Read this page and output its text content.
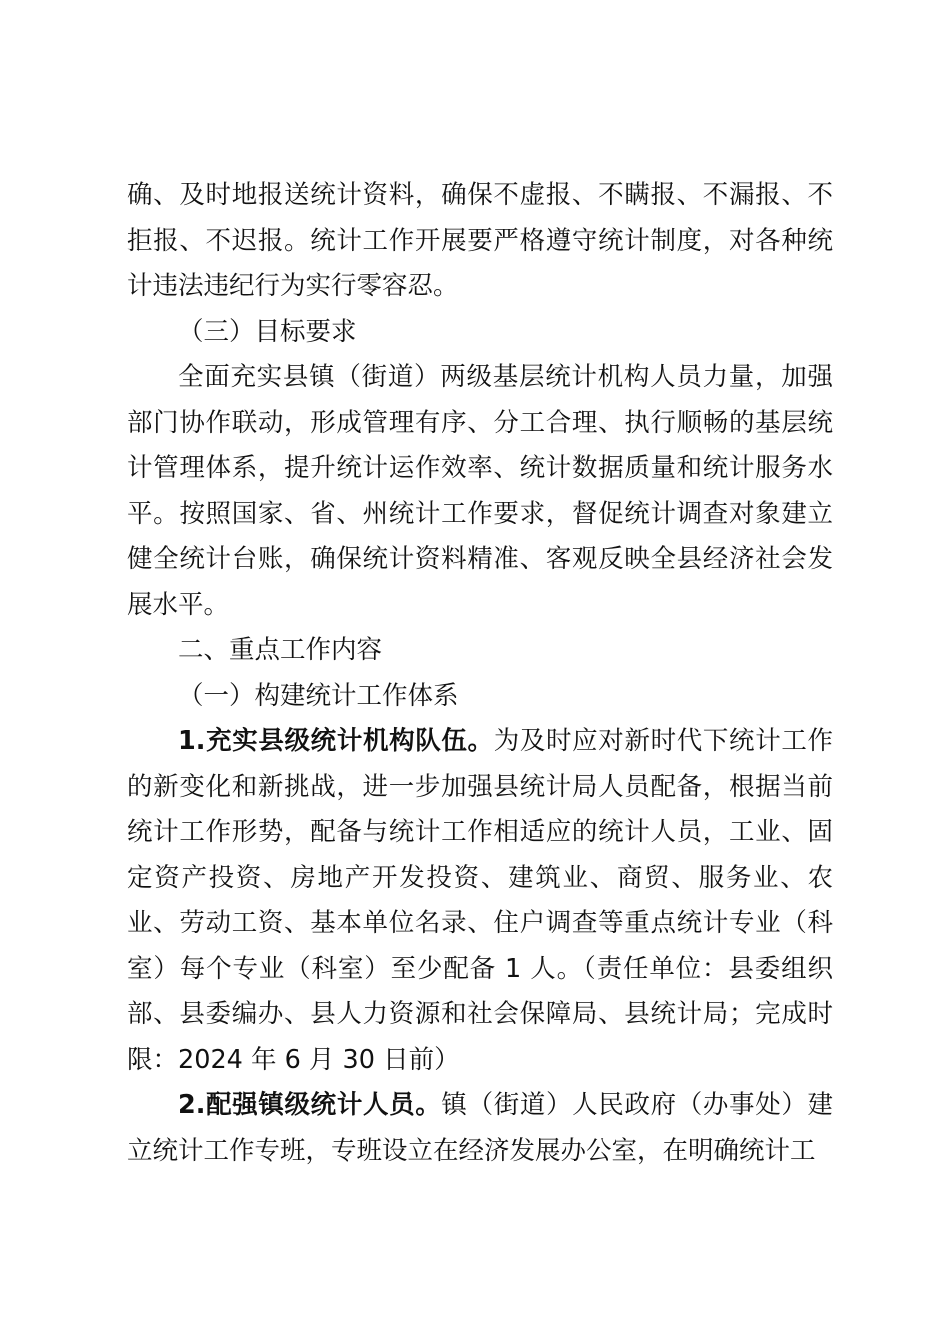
确、及时地报送统计资料，确保不虚报、不瞒报、不漏报、不拒报、不迟报。统计工作开展要严格遵守统计制度，对各种统计违法违纪行为实行零容忍。

（三）目标要求

全面充实县镇（街道）两级基层统计机构人员力量，加强部门协作联动，形成管理有序、分工合理、执行顺畅的基层统计管理体系，提升统计运作效率、统计数据质量和统计服务水平。按照国家、省、州统计工作要求，督促统计调查对象建立健全统计台账，确保统计资料精准、客观反映全县经济社会发展水平。

二、重点工作内容

（一）构建统计工作体系

1.充实县级统计机构队伍。为及时应对新时代下统计工作的新变化和新挑战，进一步加强县统计局人员配备，根据当前统计工作形势，配备与统计工作相适应的统计人员，工业、固定资产投资、房地产开发投资、建筑业、商贸、服务业、农业、劳动工资、基本单位名录、住户调查等重点统计专业（科室）每个专业（科室）至少配备 1 人。（责任单位：县委组织部、县委编办、县人力资源和社会保障局、县统计局；完成时限：2024 年 6 月 30 日前）

2.配强镇级统计人员。镇（街道）人民政府（办事处）建立统计工作专班，专班设立在经济发展办公室，在明确统计工
